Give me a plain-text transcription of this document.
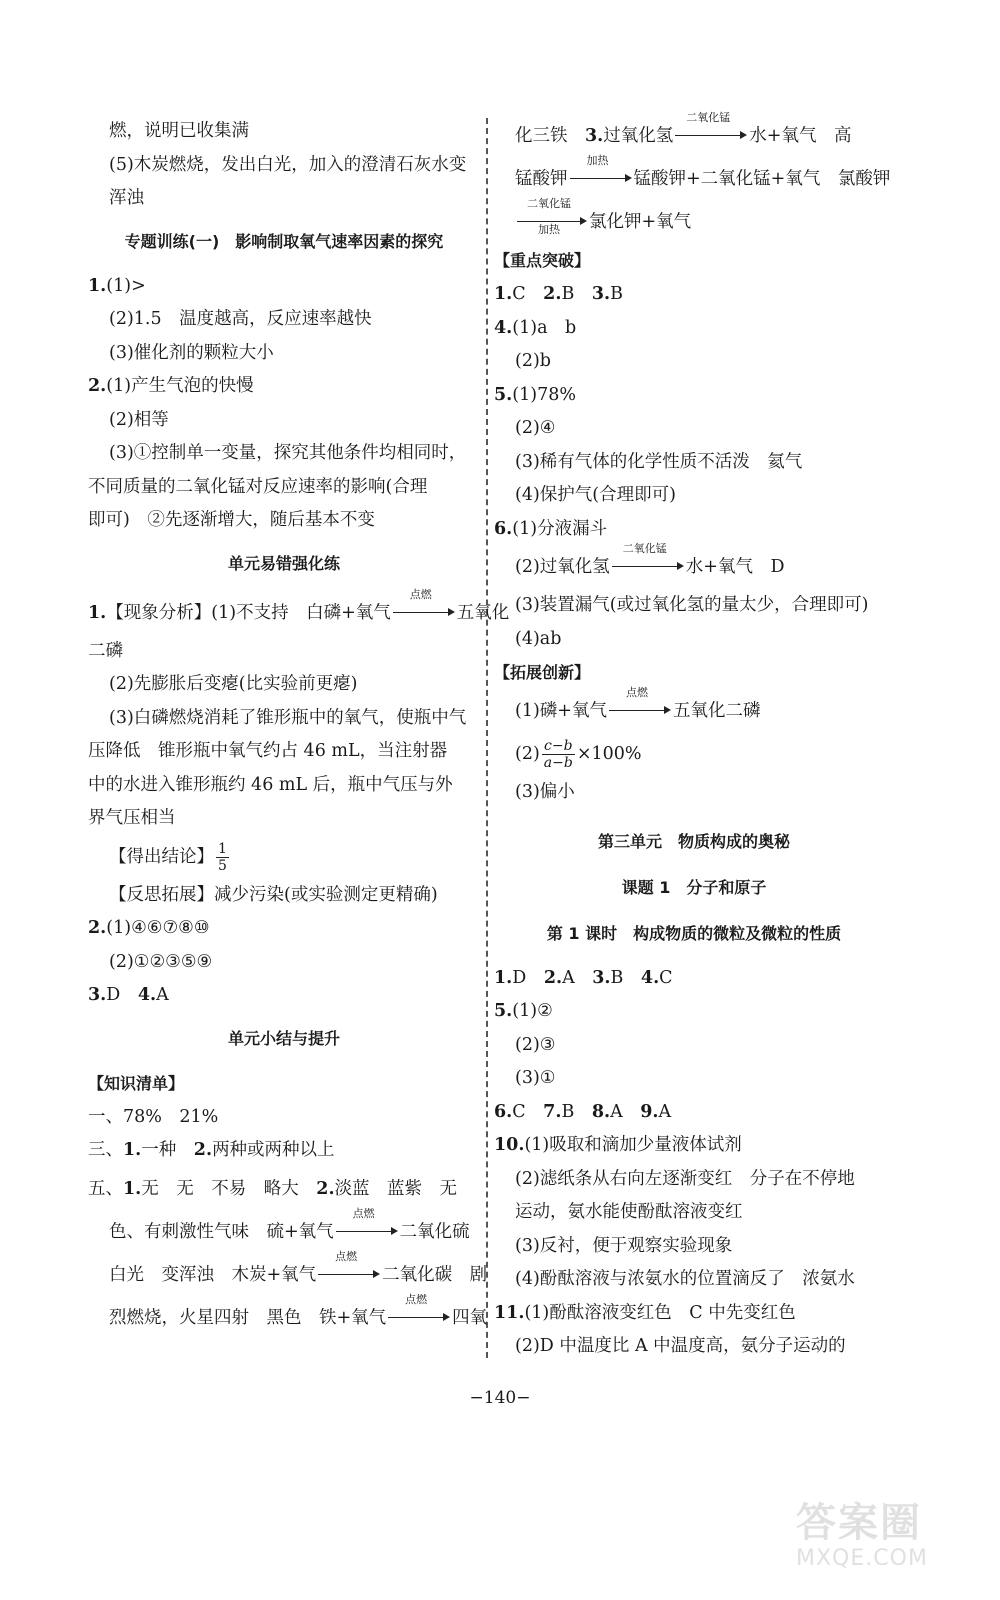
燃，说明已收集满
(5)木炭燃烧，发出白光，加入的澄清石灰水变
浑浊
专题训练(一)　影响制取氧气速率因素的探究
1.(1)>
(2)1.5　温度越高，反应速率越快
(3)催化剂的颗粒大小
2.(1)产生气泡的快慢
(2)相等
(3)①控制单一变量，探究其他条件均相同时，
不同质量的二氧化锰对反应速率的影响(合理
即可)　②先逐渐增大，随后基本不变
单元易错强化练
1.【现象分析】(1)不支持　白磷+氧气
点燃
五氧化
二磷
(2)先膨胀后变瘪(比实验前更瘪)
(3)白磷燃烧消耗了锥形瓶中的氧气，使瓶中气
压降低　锥形瓶中氧气约占 46 mL，当注射器
中的水进入锥形瓶约 46 mL 后，瓶中气压与外
界气压相当
【得出结论】 $\frac{1}{5}$
【反思拓展】减少污染(或实验测定更精确)
2.(1)④⑥⑦⑧⑩
(2)①②③⑤⑨
3.D　4.A
单元小结与提升
【知识清单】
一、78%　21%
三、1.一种　2.两种或两种以上
五、1.无　无　不易　略大　2.淡蓝　蓝紫　无
色、有刺激性气味　硫+氧气
点燃
二氧化硫
白光　变浑浊　木炭+氧气
点燃
二氧化碳　剧
烈燃烧，火星四射　黑色　铁+氧气
点燃
四氧
化三铁　3.过氧化氢
二氧化锰
水+氧气　高
锰酸钾
加热
锰酸钾+二氧化锰+氧气　氯酸钾
二氧化锰
加热	氯化钾+氧气
【重点突破】
1.C　2.B　3.B
4.(1)a　b
(2)b
5.(1)78%
(2)④
(3)稀有气体的化学性质不活泼　氦气
(4)保护气(合理即可)
6.(1)分液漏斗
(2)过氧化氢
二氧化锰
水+氧气　D
(3)装置漏气(或过氧化氢的量太少，合理即可)
(4)ab
【拓展创新】
(1)磷+氧气
点燃
五氧化二磷
$(2) \frac{c-b}{a-b} \times 100\%$
(3)偏小
第三单元　物质构成的奥秘
课题 1　分子和原子
第 1 课时　构成物质的微粒及微粒的性质
1.D　2.A　3.B　4.C
5.(1)②
(2)③
(3)①
6.C　7.B　8.A　9.A
10.(1)吸取和滴加少量液体试剂
(2)滤纸条从右向左逐渐变红　分子在不停地
运动，氨水能使酚酞溶液变红
(3)反衬，便于观察实验现象
(4)酚酞溶液与浓氨水的位置滴反了　浓氨水
11.(1)酚酞溶液变红色　C 中先变红色
(2)D 中温度比 A 中温度高，氨分子运动的
−140−
答案圈
MXQE.COM
